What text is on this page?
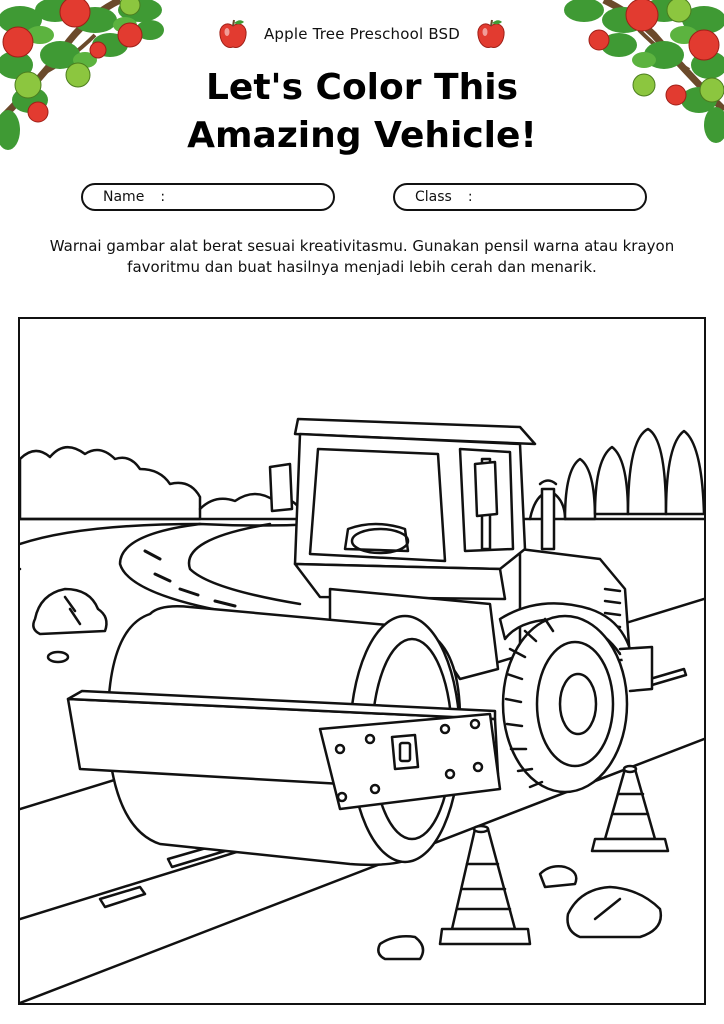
Apple Tree Preschool BSD
Let's Color This
Amazing Vehicle!
Name :	Class :
Warnai gambar alat berat sesuai kreativitasmu. Gunakan pensil warna atau krayon favoritmu dan buat hasilnya menjadi lebih cerah dan menarik.
